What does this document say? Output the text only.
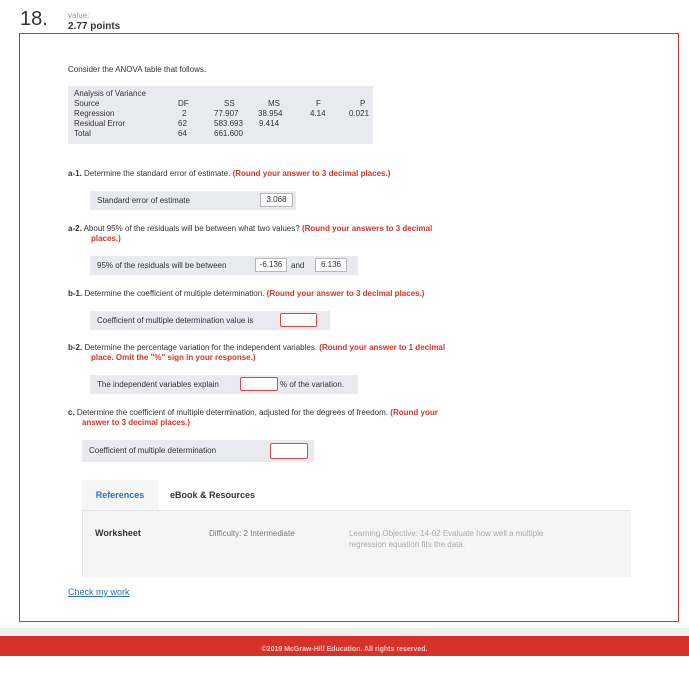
18.	value:
2.77 points
Consider the ANOVA table that follows.
Analysis of Variance
Source	DF	SS	MS	F	P
Regression	2	77.907 38.954	4.14	0.021
Residual Error	62	583.693 9.414
Total	64	661.600
a-1. Determine the standard error of estimate. (Round your answer to 3 decimal places.)
Standard error of estimate	3.068
a-2. About 95% of the residuals will be between what two values? (Round your answers to 3 decimal
places.)
95% of the residuals will be between	-6.136	and	6.136
b-1. Determine the coefficient of multiple determination. (Round your answer to 3 decimal places.)
Coefficient of multiple determination value is
b-2. Determine the percentage variation for the independent variables. (Round your answer to 1 decimal
place. Omit the "%" sign in your response.)
The independent variables explain	% of the variation.
c. Determine the coefficient of multiple determination, adjusted for the degrees of freedom. (Round your
answer to 3 decimal places.)
Coefficient of multiple determination
References	eBook & Resources
Worksheet	Difficulty: 2 Intermediate	Learning Objective: 14-02 Evaluate how well a multiple
regression equation fits the data.
Check my work
©2019 McGraw-Hill Education. All rights reserved.
